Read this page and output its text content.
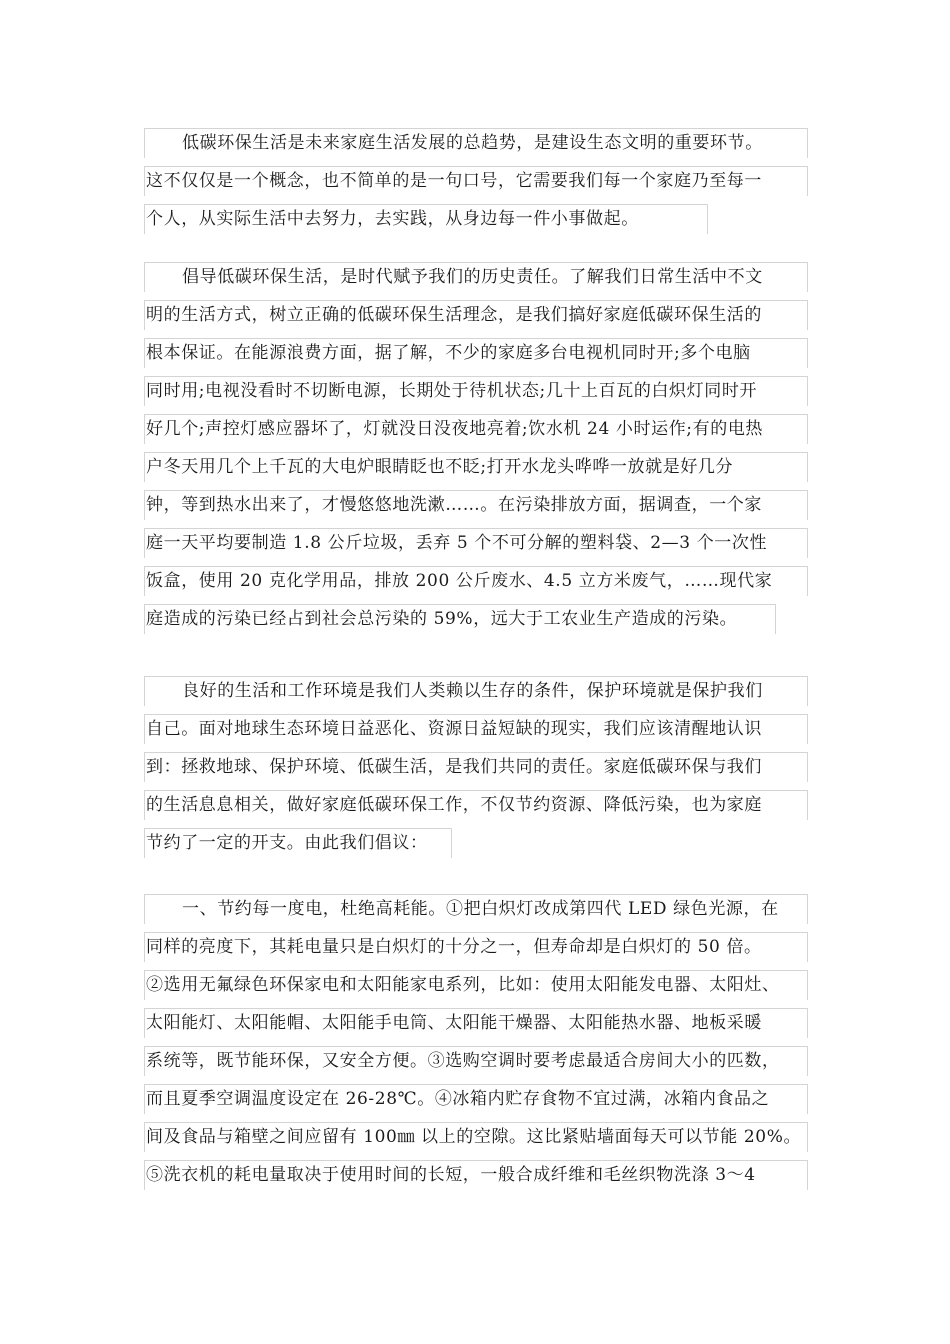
低碳环保生活是未来家庭生活发展的总趋势，是建设生态文明的重要环节。
这不仅仅是一个概念，也不简单的是一句口号，它需要我们每一个家庭乃至每一
个人，从实际生活中去努力，去实践，从身边每一件小事做起。
倡导低碳环保生活，是时代赋予我们的历史责任。了解我们日常生活中不文
明的生活方式，树立正确的低碳环保生活理念，是我们搞好家庭低碳环保生活的
根本保证。在能源浪费方面，据了解，不少的家庭多台电视机同时开;多个电脑
同时用;电视没看时不切断电源，长期处于待机状态;几十上百瓦的白炽灯同时开
好几个;声控灯感应器坏了，灯就没日没夜地亮着;饮水机 24 小时运作;有的电热
户冬天用几个上千瓦的大电炉眼睛眨也不眨;打开水龙头哗哗一放就是好几分
钟，等到热水出来了，才慢悠悠地洗漱……。在污染排放方面，据调查，一个家
庭一天平均要制造 1.8 公斤垃圾，丢弃 5 个不可分解的塑料袋、2—3 个一次性
饭盒，使用 20 克化学用品，排放 200 公斤废水、4.5 立方米废气，……现代家
庭造成的污染已经占到社会总污染的 59%，远大于工农业生产造成的污染。
良好的生活和工作环境是我们人类赖以生存的条件，保护环境就是保护我们
自己。面对地球生态环境日益恶化、资源日益短缺的现实，我们应该清醒地认识
到：拯救地球、保护环境、低碳生活，是我们共同的责任。家庭低碳环保与我们
的生活息息相关，做好家庭低碳环保工作，不仅节约资源、降低污染，也为家庭
节约了一定的开支。由此我们倡议：
一、节约每一度电，杜绝高耗能。①把白炽灯改成第四代 LED 绿色光源，在
同样的亮度下，其耗电量只是白炽灯的十分之一，但寿命却是白炽灯的 50 倍。
②选用无氟绿色环保家电和太阳能家电系列，比如：使用太阳能发电器、太阳灶、
太阳能灯、太阳能帽、太阳能手电筒、太阳能干燥器、太阳能热水器、地板采暖
系统等，既节能环保，又安全方便。③选购空调时要考虑最适合房间大小的匹数，
而且夏季空调温度设定在 26-28℃。④冰箱内贮存食物不宜过满，冰箱内食品之
间及食品与箱壁之间应留有 100㎜ 以上的空隙。这比紧贴墙面每天可以节能 20%。
⑤洗衣机的耗电量取决于使用时间的长短，一般合成纤维和毛丝织物洗涤 3～4
